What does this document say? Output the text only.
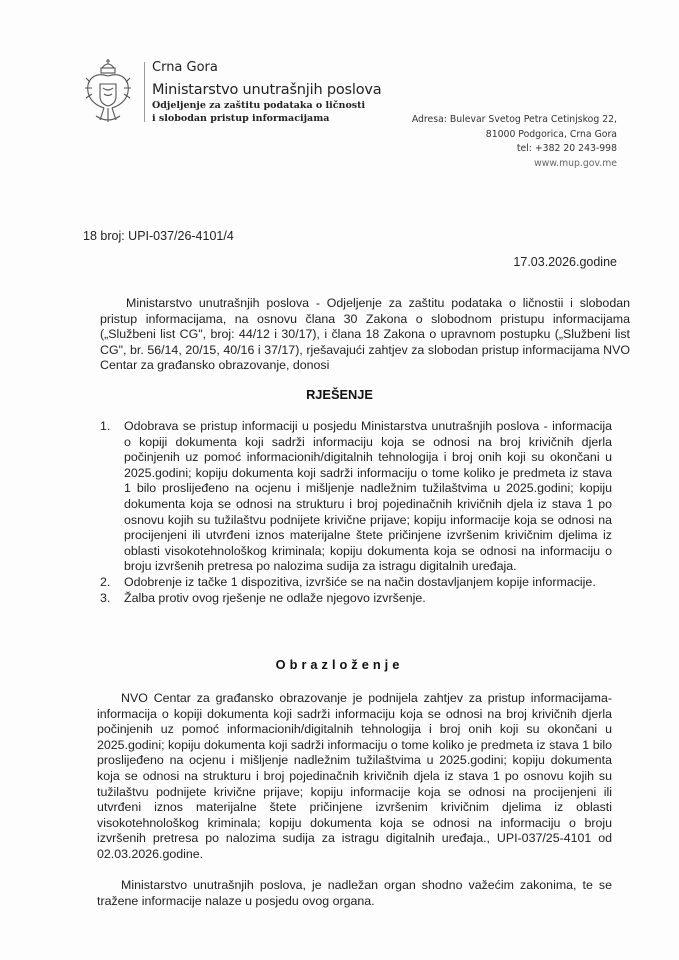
Crna Gora
Ministarstvo unutrašnjih poslova
Odjeljenje za zaštitu podataka o ličnosti
i slobodan pristup informacijama	Adresa: Bulevar Svetog Petra Cetinjskog 22,
81000 Podgorica, Crna Gora
tel: +382 20 243-998
www.mup.gov.me
18 broj: UPI-037/26-4101/4
17.03.2026.godine
Ministarstvo unutrašnjih poslova - Odjeljenje za zaštitu podataka o ličnostii i slobodan pristup informacijama, na osnovu člana 30 Zakona o slobodnom pristupu informacijama („Službeni list CG", broj: 44/12 i 30/17), i člana 18 Zakona o upravnom postupku („Službeni list CG", br. 56/14, 20/15, 40/16 i 37/17), rješavajući zahtjev za slobodan pristup informacijama NVO Centar za građansko obrazovanje, donosi
RJEŠENJE
1. Odobrava se pristup informaciji u posjedu Ministarstva unutrašnjih poslova - informacija o kopiji dokumenta koji sadrži informaciju koja se odnosi na broj krivičnih djerla počinjenih uz pomoć informacionih/digitalnih tehnologija i broj onih koji su okončani u 2025.godini; kopiju dokumenta koji sadrži informaciju o tome koliko je predmeta iz stava 1 bilo proslijeđeno na ocjenu i mišljenje nadležnim tužilaštvima u 2025.godini; kopiju dokumenta koja se odnosi na strukturu i broj pojedinačnih krivičnih djela iz stava 1 po osnovu kojih su tužilaštvu podnijete krivične prijave; kopiju informacije koja se odnosi na procijenjeni ili utvrđeni iznos materijalne štete pričinjene izvršenim krivičnim djelima iz oblasti visokotehnološkog kriminala; kopiju dokumenta koja se odnosi na informaciju o broju izvršenih pretresa po nalozima sudija za istragu digitalnih uređaja.
2. Odobrenje iz tačke 1 dispozitiva, izvršiće se na način dostavljanjem kopije informacije.
3. Žalba protiv ovog rješenje ne odlaže njegovo izvršenje.
Obrazloženje
NVO Centar za građansko obrazovanje je podnijela zahtjev za pristup informacijama-informacija o kopiji dokumenta koji sadrži informaciju koja se odnosi na broj krivičnih djerla počinjenih uz pomoć informacionih/digitalnih tehnologija i broj onih koji su okončani u 2025.godini; kopiju dokumenta koji sadrži informaciju o tome koliko je predmeta iz stava 1 bilo proslijeđeno na ocjenu i mišljenje nadležnim tužilaštvima u 2025.godini; kopiju dokumenta koja se odnosi na strukturu i broj pojedinačnih krivičnih djela iz stava 1 po osnovu kojih su tužilaštvu podnijete krivične prijave; kopiju informacije koja se odnosi na procijenjeni ili utvrđeni iznos materijalne štete pričinjene izvršenim krivičnim djelima iz oblasti visokotehnološkog kriminala; kopiju dokumenta koja se odnosi na informaciju o broju izvršenih pretresa po nalozima sudija za istragu digitalnih uređaja., UPI-037/25-4101 od 02.03.2026.godine.
Ministarstvo unutrašnjih poslova, je nadležan organ shodno važećim zakonima, te se tražene informacije nalaze u posjedu ovog organa.
